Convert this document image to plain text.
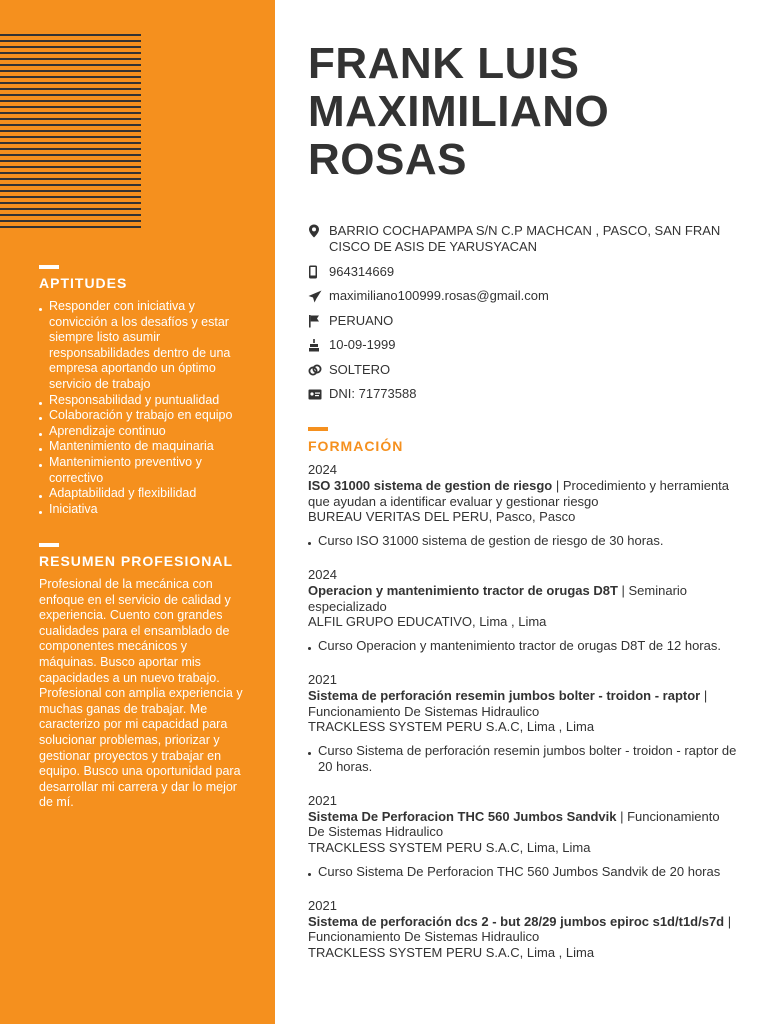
APTITUDES
Responder con iniciativa y convicción a los desafíos y estar siempre listo asumir responsabilidades dentro de una empresa aportando un óptimo servicio de trabajo
Responsabilidad y puntualidad
Colaboración y trabajo en equipo
Aprendizaje continuo
Mantenimiento de maquinaria
Mantenimiento preventivo y correctivo
Adaptabilidad y flexibilidad
Iniciativa
RESUMEN PROFESIONAL
Profesional de la mecánica con enfoque en el servicio de calidad y experiencia. Cuento con grandes cualidades para el ensamblado de componentes mecánicos y máquinas. Busco aportar mis capacidades a un nuevo trabajo. Profesional con amplia experiencia y muchas ganas de trabajar. Me caracterizo por mi capacidad para solucionar problemas, priorizar y gestionar proyectos y trabajar en equipo. Busco una oportunidad para desarrollar mi carrera y dar lo mejor de mí.
FRANK LUIS MAXIMILIANO ROSAS
BARRIO COCHAPAMPA S/N C.P MACHCAN , PASCO, SAN FRANCISCO DE ASIS DE YARUSYACAN
964314669
maximiliano100999.rosas@gmail.com
PERUANO
10-09-1999
SOLTERO
DNI: 71773588
FORMACIÓN
2024
ISO 31000 sistema de gestion de riesgo | Procedimiento y herramienta que ayudan a identificar evaluar y gestionar riesgo
BUREAU VERITAS DEL PERU, Pasco, Pasco
Curso ISO 31000 sistema de gestion de riesgo de 30 horas.
2024
Operacion y mantenimiento tractor de orugas D8T | Seminario especializado
ALFIL GRUPO EDUCATIVO, Lima , Lima
Curso Operacion y mantenimiento tractor de orugas D8T de 12 horas.
2021
Sistema de perforación resemin jumbos bolter - troidon - raptor | Funcionamiento De Sistemas Hidraulico
TRACKLESS SYSTEM PERU S.A.C, Lima , Lima
Curso Sistema de perforación resemin jumbos bolter - troidon - raptor de 20 horas.
2021
Sistema De Perforacion THC 560 Jumbos Sandvik | Funcionamiento De Sistemas Hidraulico
TRACKLESS SYSTEM PERU S.A.C, Lima, Lima
Curso Sistema De Perforacion THC 560 Jumbos Sandvik de 20 horas
2021
Sistema de perforación dcs 2 - but 28/29 jumbos epiroc s1d/t1d/s7d | Funcionamiento De Sistemas Hidraulico
TRACKLESS SYSTEM PERU S.A.C, Lima , Lima
